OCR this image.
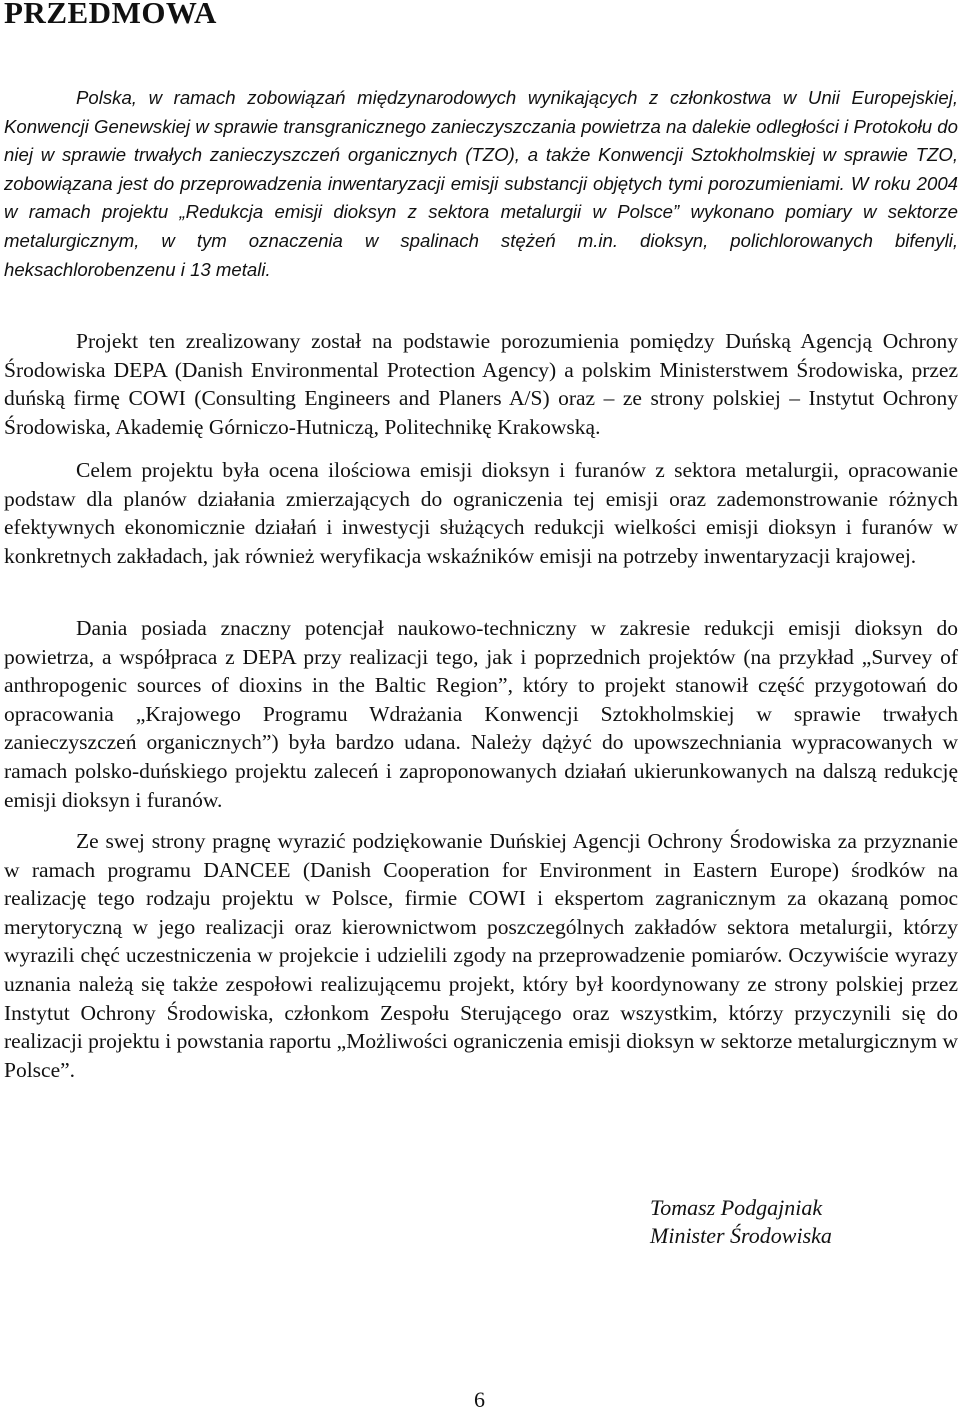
PRZEDMOWA

Polska, w ramach zobowiązań międzynarodowych wynikających z członkostwa w Unii Europejskiej, Konwencji Genewskiej w sprawie transgranicznego zanieczyszczania powietrza na dalekie odległości i Protokołu do niej w sprawie trwałych zanieczyszczeń organicznych (TZO), a także Konwencji Sztokholmskiej w sprawie TZO, zobowiązana jest do przeprowadzenia inwentaryzacji emisji substancji objętych tymi porozumieniami. W roku 2004 w ramach projektu „Redukcja emisji dioksyn z sektora metalurgii w Polsce” wykonano pomiary w sektorze metalurgicznym, w tym oznaczenia w spalinach stężeń m.in. dioksyn, polichlorowanych bifenyli, heksachlorobenzenu i 13 metali.

Projekt ten zrealizowany został na podstawie porozumienia pomiędzy Duńską Agencją Ochrony Środowiska DEPA (Danish Environmental Protection Agency) a polskim Ministerstwem Środowiska, przez duńską firmę COWI (Consulting Engineers and Planers A/S) oraz – ze strony polskiej – Instytut Ochrony Środowiska, Akademię Górniczo-Hutniczą, Politechnikę Krakowską.

Celem projektu była ocena ilościowa emisji dioksyn i furanów z sektora metalurgii, opracowanie podstaw dla planów działania zmierzających do ograniczenia tej emisji oraz zademonstrowanie różnych efektywnych ekonomicznie działań i inwestycji służących redukcji wielkości emisji dioksyn i furanów w konkretnych zakładach, jak również weryfikacja wskaźników emisji na potrzeby inwentaryzacji krajowej.

Dania posiada znaczny potencjał naukowo-techniczny w zakresie redukcji emisji dioksyn do powietrza, a współpraca z DEPA przy realizacji tego, jak i poprzednich projektów (na przykład „Survey of anthropogenic sources of dioxins in the Baltic Region”, który to projekt stanowił część przygotowań do opracowania „Krajowego Programu Wdrażania Konwencji Sztokholmskiej w sprawie trwałych zanieczyszczeń organicznych”) była bardzo udana. Należy dążyć do upowszechniania wypracowanych w ramach polsko-duńskiego projektu zaleceń i zaproponowanych działań ukierunkowanych na dalszą redukcję emisji dioksyn i furanów.

Ze swej strony pragnę wyrazić podziękowanie Duńskiej Agencji Ochrony Środowiska za przyznanie w ramach programu DANCEE (Danish Cooperation for Environment in Eastern Europe) środków na realizację tego rodzaju projektu w Polsce, firmie COWI i ekspertom zagranicznym za okazaną pomoc merytoryczną w jego realizacji oraz kierownictwom poszczególnych zakładów sektora metalurgii, którzy wyrazili chęć uczestniczenia w projekcie i udzielili zgody na przeprowadzenie pomiarów. Oczywiście wyrazy uznania należą się także zespołowi realizującemu projekt, który był koordynowany ze strony polskiej przez Instytut Ochrony Środowiska, członkom Zespołu Sterującego oraz wszystkim, którzy przyczynili się do realizacji projektu i powstania raportu „Możliwości ograniczenia emisji dioksyn w sektorze metalurgicznym w Polsce”.

Tomasz Podgajniak
Minister Środowiska
6
